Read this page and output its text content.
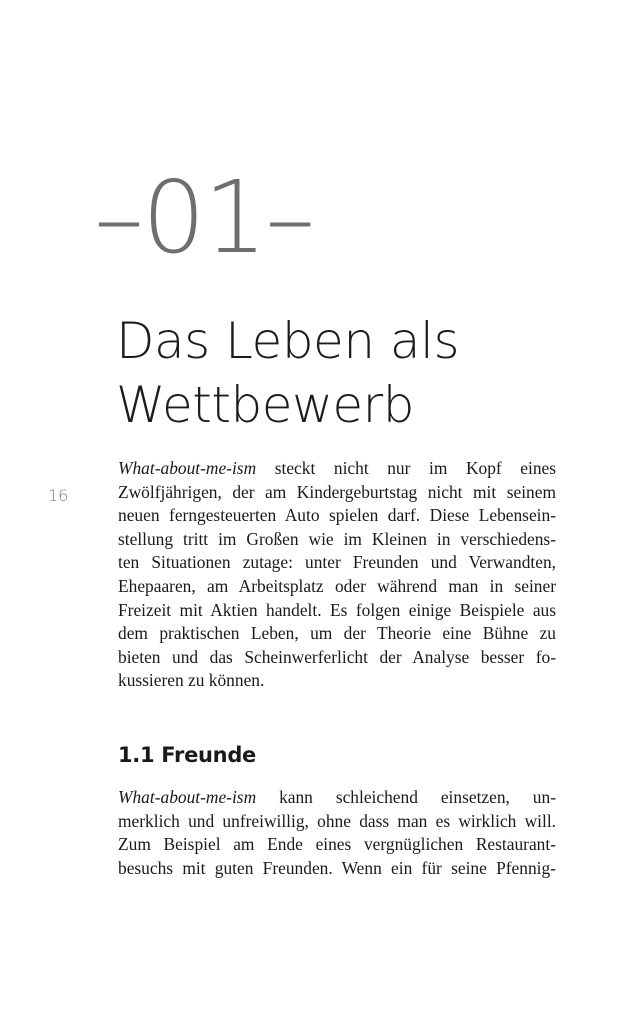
–01–
Das Leben als
Wettbewerb
16
What-about-me-ism steckt nicht nur im Kopf eines
Zwölfjährigen, der am Kindergeburtstag nicht mit seinem
neuen ferngesteuerten Auto spielen darf. Diese Lebensein-
stellung tritt im Großen wie im Kleinen in verschiedens-
ten Situationen zutage: unter Freunden und Verwandten,
Ehepaaren, am Arbeitsplatz oder während man in seiner
Freizeit mit Aktien handelt. Es folgen einige Beispiele aus
dem praktischen Leben, um der Theorie eine Bühne zu
bieten und das Scheinwerferlicht der Analyse besser fo-
kussieren zu können.
1.1 Freunde
What-about-me-ism kann schleichend einsetzen, un-
merklich und unfreiwillig, ohne dass man es wirklich will.
Zum Beispiel am Ende eines vergnüglichen Restaurant-
besuchs mit guten Freunden. Wenn ein für seine Pfennig-
